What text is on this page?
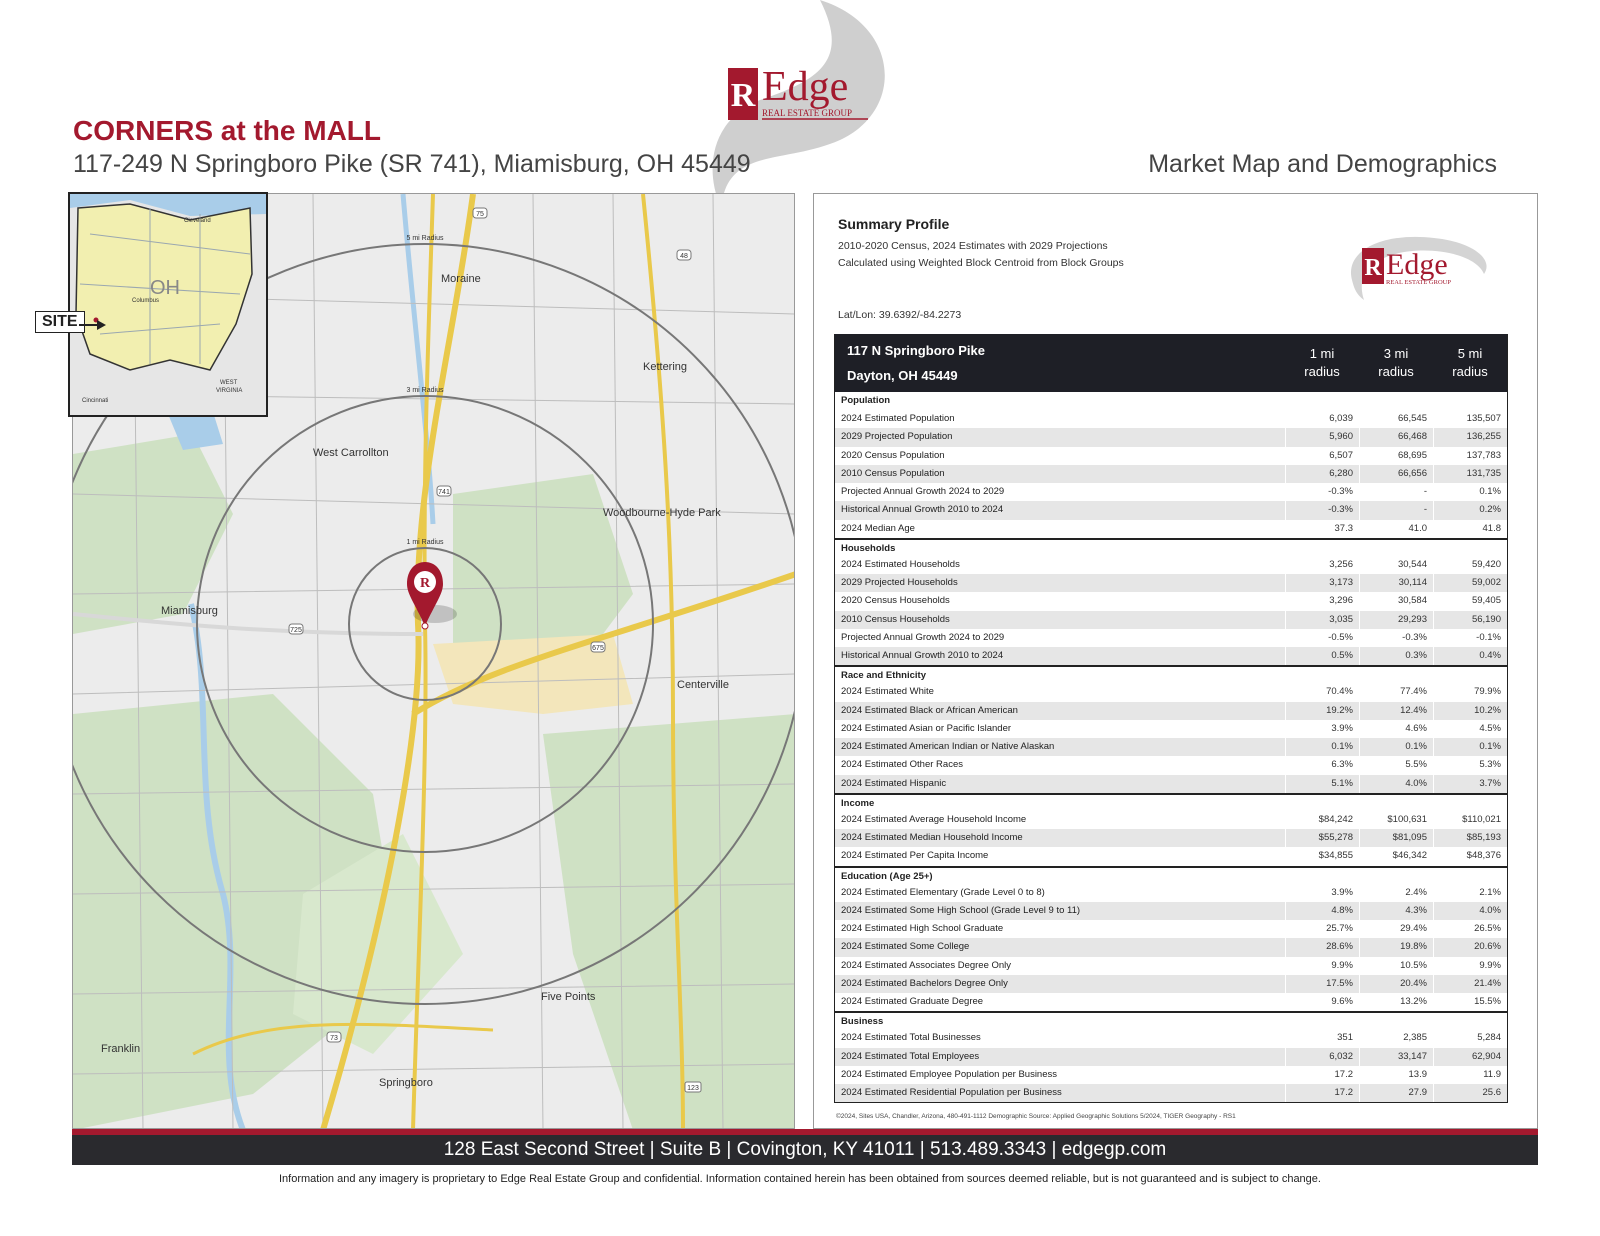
R Edge
REAL ESTATE GROUP
CORNERS at the MALL
117-249 N Springboro Pike (SR 741), Miamisburg, OH 45449	Market Map and Demographics
1 mi Radius
3 mi Radius
5 mi Radius
Moraine
Kettering
West Carrollton
Woodbourne-Hyde Park
Miamisburg
Centerville
Five Points
Franklin
Springboro
75
741
725
48
675
73
123
R
OH
Cleveland
Columbus
WEST
VIRGINIA
Cincinnati
SITE
Summary Profile
2010-2020 Census, 2024 Estimates with 2029 Projections
Calculated using Weighted Block Centroid from Block Groups	R Edge
REAL ESTATE GROUP
Lat/Lon: 39.6392/-84.2273
117 N Springboro Pike
Dayton, OH 45449
1 mi
radius
3 mi
radius
5 mi
radius
Population
2024 Estimated Population	6,039	66,545	135,507
2029 Projected Population	5,960	66,468	136,255
2020 Census Population	6,507	68,695	137,783
2010 Census Population	6,280	66,656	131,735
Projected Annual Growth 2024 to 2029	-0.3%	-	0.1%
Historical Annual Growth 2010 to 2024	-0.3%	-	0.2%
2024 Median Age	37.3	41.0	41.8
Households
2024 Estimated Households	3,256	30,544	59,420
2029 Projected Households	3,173	30,114	59,002
2020 Census Households	3,296	30,584	59,405
2010 Census Households	3,035	29,293	56,190
Projected Annual Growth 2024 to 2029	-0.5%	-0.3%	-0.1%
Historical Annual Growth 2010 to 2024	0.5%	0.3%	0.4%
Race and Ethnicity
2024 Estimated White	70.4%	77.4%	79.9%
2024 Estimated Black or African American	19.2%	12.4%	10.2%
2024 Estimated Asian or Pacific Islander	3.9%	4.6%	4.5%
2024 Estimated American Indian or Native Alaskan	0.1%	0.1%	0.1%
2024 Estimated Other Races	6.3%	5.5%	5.3%
2024 Estimated Hispanic	5.1%	4.0%	3.7%
Income
2024 Estimated Average Household Income	$84,242	$100,631	$110,021
2024 Estimated Median Household Income	$55,278	$81,095	$85,193
2024 Estimated Per Capita Income	$34,855	$46,342	$48,376
Education (Age 25+)
2024 Estimated Elementary (Grade Level 0 to 8)	3.9%	2.4%	2.1%
2024 Estimated Some High School (Grade Level 9 to 11)	4.8%	4.3%	4.0%
2024 Estimated High School Graduate	25.7%	29.4%	26.5%
2024 Estimated Some College	28.6%	19.8%	20.6%
2024 Estimated Associates Degree Only	9.9%	10.5%	9.9%
2024 Estimated Bachelors Degree Only	17.5%	20.4%	21.4%
2024 Estimated Graduate Degree	9.6%	13.2%	15.5%
Business
2024 Estimated Total Businesses	351	2,385	5,284
2024 Estimated Total Employees	6,032	33,147	62,904
2024 Estimated Employee Population per Business	17.2	13.9	11.9
2024 Estimated Residential Population per Business	17.2	27.9	25.6
©2024, Sites USA, Chandler, Arizona, 480-491-1112 Demographic Source: Applied Geographic Solutions 5/2024, TIGER Geography - RS1
128 East Second Street | Suite B | Covington, KY 41011 | 513.489.3343 | edgegp.com
Information and any imagery is proprietary to Edge Real Estate Group and confidential. Information contained herein has been obtained from sources deemed reliable, but is not guaranteed and is subject to change.
